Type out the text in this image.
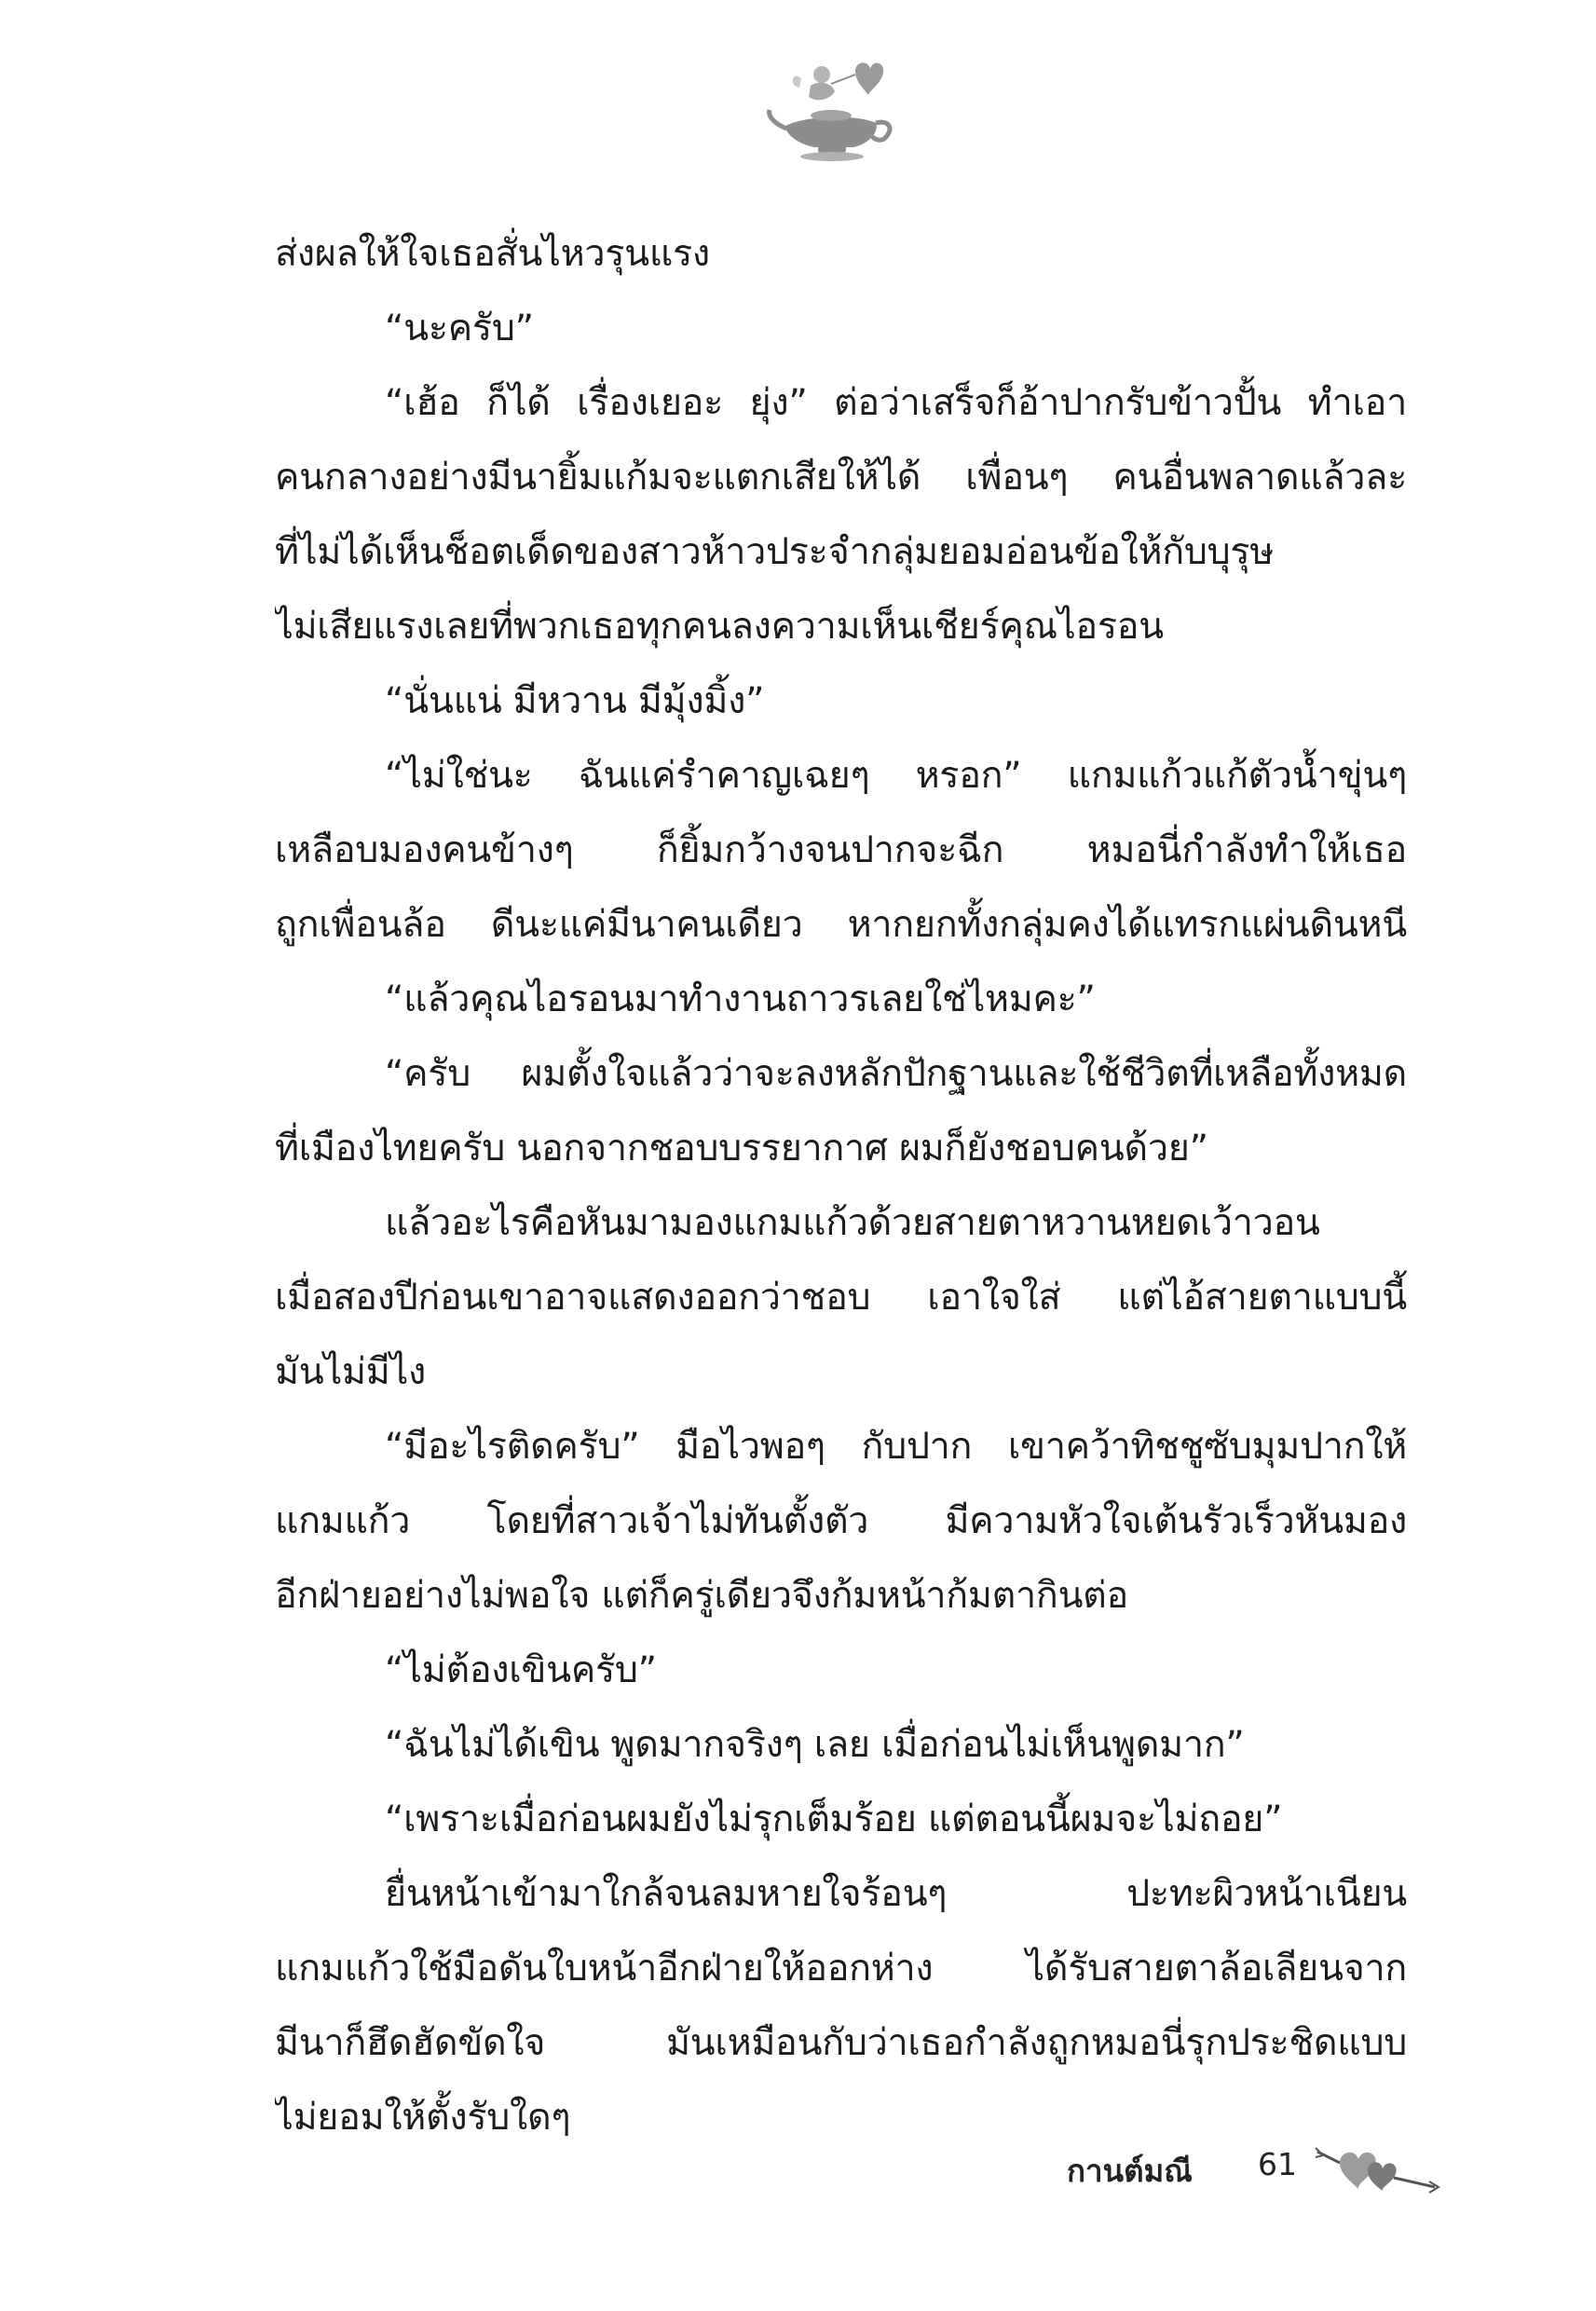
ส่งผลให้ใจเธอสั่นไหวรุนแรง
“นะครับ”
“เฮ้อ ก็ได้ เรื่องเยอะ ยุ่ง” ต่อว่าเสร็จก็อ้าปากรับข้าวปั้น ทำเอา
คนกลางอย่างมีนายิ้มแก้มจะแตกเสียให้ได้ เพื่อนๆ คนอื่นพลาดแล้วละ
ที่ไม่ได้เห็นช็อตเด็ดของสาวห้าวประจำกลุ่มยอมอ่อนข้อให้กับบุรุษ
ไม่เสียแรงเลยที่พวกเธอทุกคนลงความเห็นเชียร์คุณไอรอน
“นั่นแน่ มีหวาน มีมุ้งมิ้ง”
“ไม่ใช่นะ ฉันแค่รำคาญเฉยๆ หรอก” แกมแก้วแก้ตัวน้ำขุ่นๆ
เหลือบมองคนข้างๆ ก็ยิ้มกว้างจนปากจะฉีก หมอนี่กำลังทำให้เธอ
ถูกเพื่อนล้อ ดีนะแค่มีนาคนเดียว หากยกทั้งกลุ่มคงได้แทรกแผ่นดินหนี
“แล้วคุณไอรอนมาทำงานถาวรเลยใช่ไหมคะ”
“ครับ ผมตั้งใจแล้วว่าจะลงหลักปักฐานและใช้ชีวิตที่เหลือทั้งหมด
ที่เมืองไทยครับ นอกจากชอบบรรยากาศ ผมก็ยังชอบคนด้วย”
แล้วอะไรคือหันมามองแกมแก้วด้วยสายตาหวานหยดเว้าวอน
เมื่อสองปีก่อนเขาอาจแสดงออกว่าชอบ เอาใจใส่ แต่ไอ้สายตาแบบนี้
มันไม่มีไง
“มีอะไรติดครับ” มือไวพอๆ กับปาก เขาคว้าทิชชูซับมุมปากให้
แกมแก้ว โดยที่สาวเจ้าไม่ทันตั้งตัว มีความหัวใจเต้นรัวเร็วหันมอง
อีกฝ่ายอย่างไม่พอใจ แต่ก็ครู่เดียวจึงก้มหน้าก้มตากินต่อ
“ไม่ต้องเขินครับ”
“ฉันไม่ได้เขิน พูดมากจริงๆ เลย เมื่อก่อนไม่เห็นพูดมาก”
“เพราะเมื่อก่อนผมยังไม่รุกเต็มร้อย แต่ตอนนี้ผมจะไม่ถอย”
ยื่นหน้าเข้ามาใกล้จนลมหายใจร้อนๆ ปะทะผิวหน้าเนียน
แกมแก้วใช้มือดันใบหน้าอีกฝ่ายให้ออกห่าง ได้รับสายตาล้อเลียนจาก
มีนาก็ฮึดฮัดขัดใจ มันเหมือนกับว่าเธอกำลังถูกหมอนี่รุกประชิดแบบ
ไม่ยอมให้ตั้งรับใดๆ
กานต์มณี 61
